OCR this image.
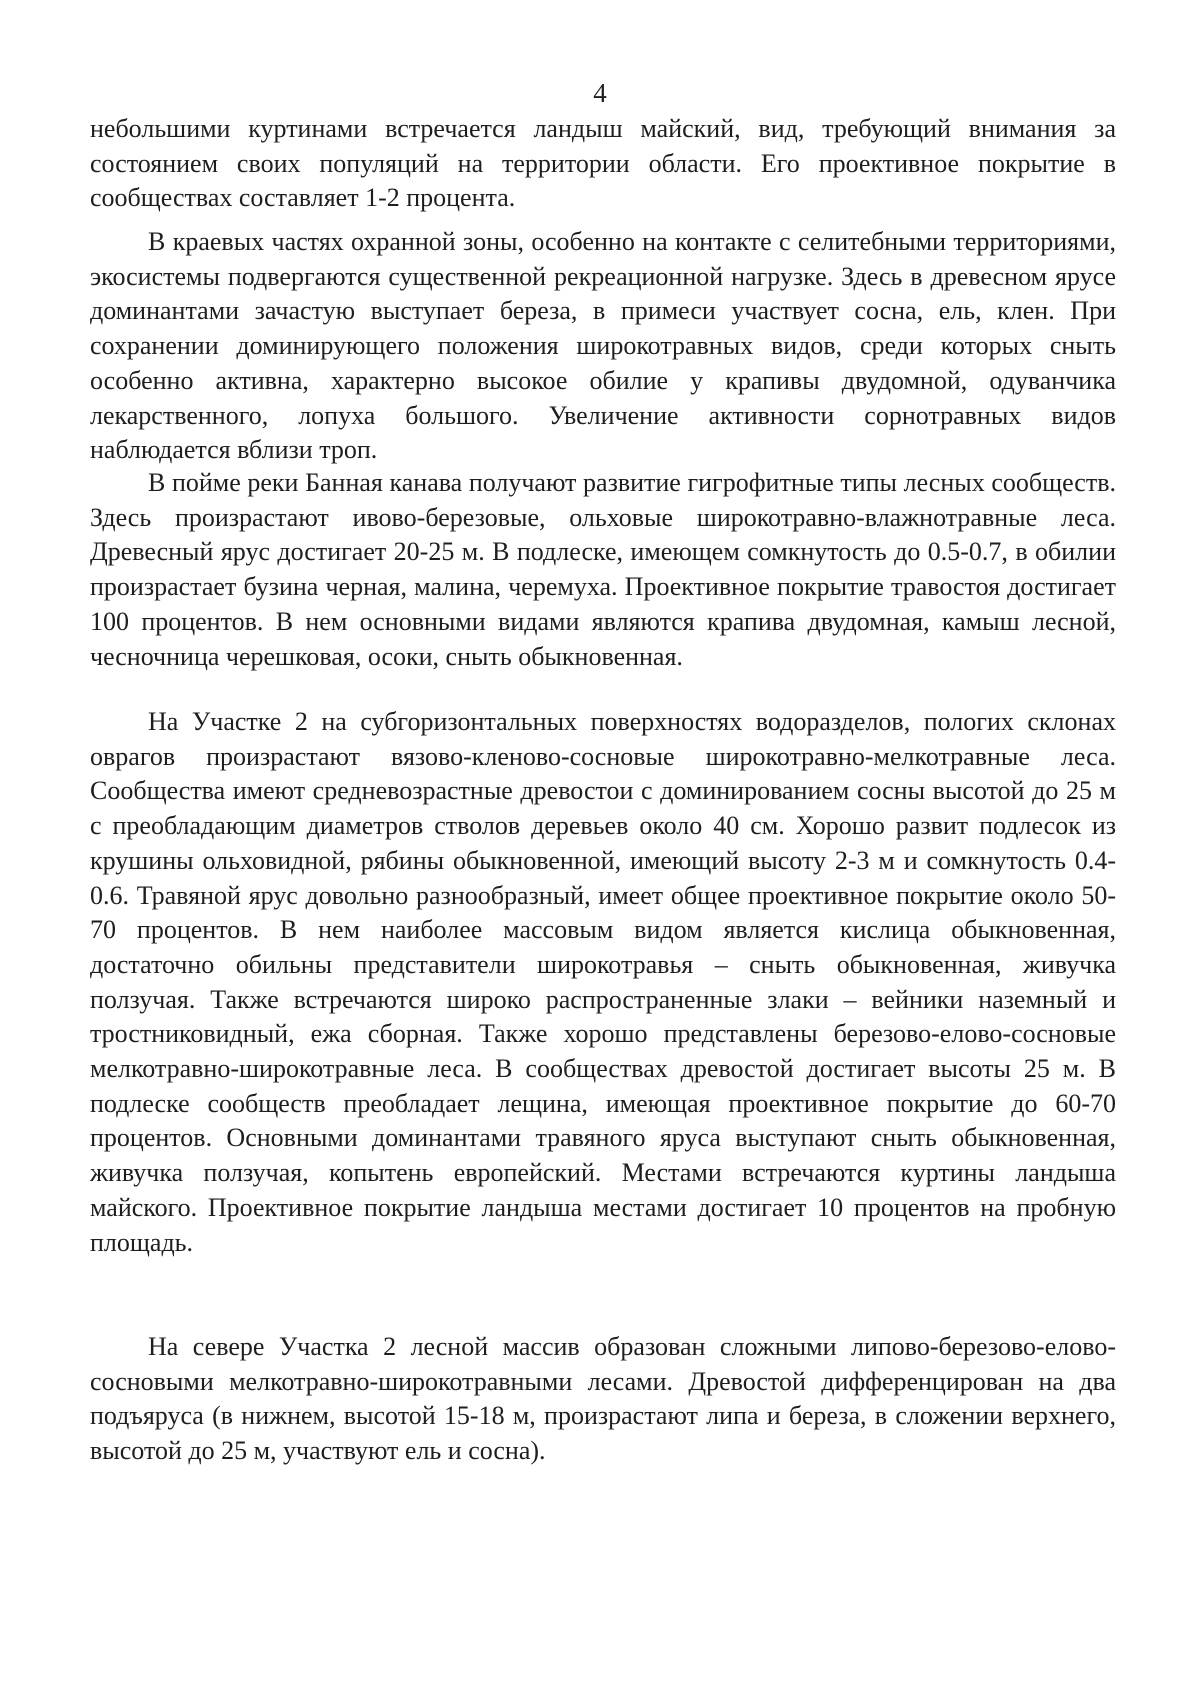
4

небольшими куртинами встречается ландыш майский, вид, требующий внимания за состоянием своих популяций на территории области. Его проективное покрытие в сообществах составляет 1-2 процента.

В краевых частях охранной зоны, особенно на контакте с селитебными территориями, экосистемы подвергаются существенной рекреационной нагрузке. Здесь в древесном ярусе доминантами зачастую выступает береза, в примеси участвует сосна, ель, клен. При сохранении доминирующего положения широкотравных видов, среди которых сныть особенно активна, характерно высокое обилие у крапивы двудомной, одуванчика лекарственного, лопуха большого. Увеличение активности сорнотравных видов наблюдается вблизи троп.

В пойме реки Банная канава получают развитие гигрофитные типы лесных сообществ. Здесь произрастают ивово-березовые, ольховые широкотравно-влажнотравные леса. Древесный ярус достигает 20-25 м. В подлеске, имеющем сомкнутость до 0.5-0.7, в обилии произрастает бузина черная, малина, черемуха. Проективное покрытие травостоя достигает 100 процентов. В нем основными видами являются крапива двудомная, камыш лесной, чесночница черешковая, осоки, сныть обыкновенная.

На Участке 2 на субгоризонтальных поверхностях водоразделов, пологих склонах оврагов произрастают вязово-кленово-сосновые широкотравно-мелкотравные леса. Сообщества имеют средневозрастные древостои с доминированием сосны высотой до 25 м с преобладающим диаметров стволов деревьев около 40 см. Хорошо развит подлесок из крушины ольховидной, рябины обыкновенной, имеющий высоту 2-3 м и сомкнутость 0.4-0.6. Травяной ярус довольно разнообразный, имеет общее проективное покрытие около 50-70 процентов. В нем наиболее массовым видом является кислица обыкновенная, достаточно обильны представители широкотравья – сныть обыкновенная, живучка ползучая. Также встречаются широко распространенные злаки – вейники наземный и тростниковидный, ежа сборная. Также хорошо представлены березово-елово-сосновые мелкотравно-широкотравные леса. В сообществах древостой достигает высоты 25 м. В подлеске сообществ преобладает лещина, имеющая проективное покрытие до 60-70 процентов. Основными доминантами травяного яруса выступают сныть обыкновенная, живучка ползучая, копытень европейский. Местами встречаются куртины ландыша майского. Проективное покрытие ландыша местами достигает 10 процентов на пробную площадь.

На севере Участка 2 лесной массив образован сложными липово-березово-елово-сосновыми мелкотравно-широкотравными лесами. Древостой дифференцирован на два подъяруса (в нижнем, высотой 15-18 м, произрастают липа и береза, в сложении верхнего, высотой до 25 м, участвуют ель и сосна).
